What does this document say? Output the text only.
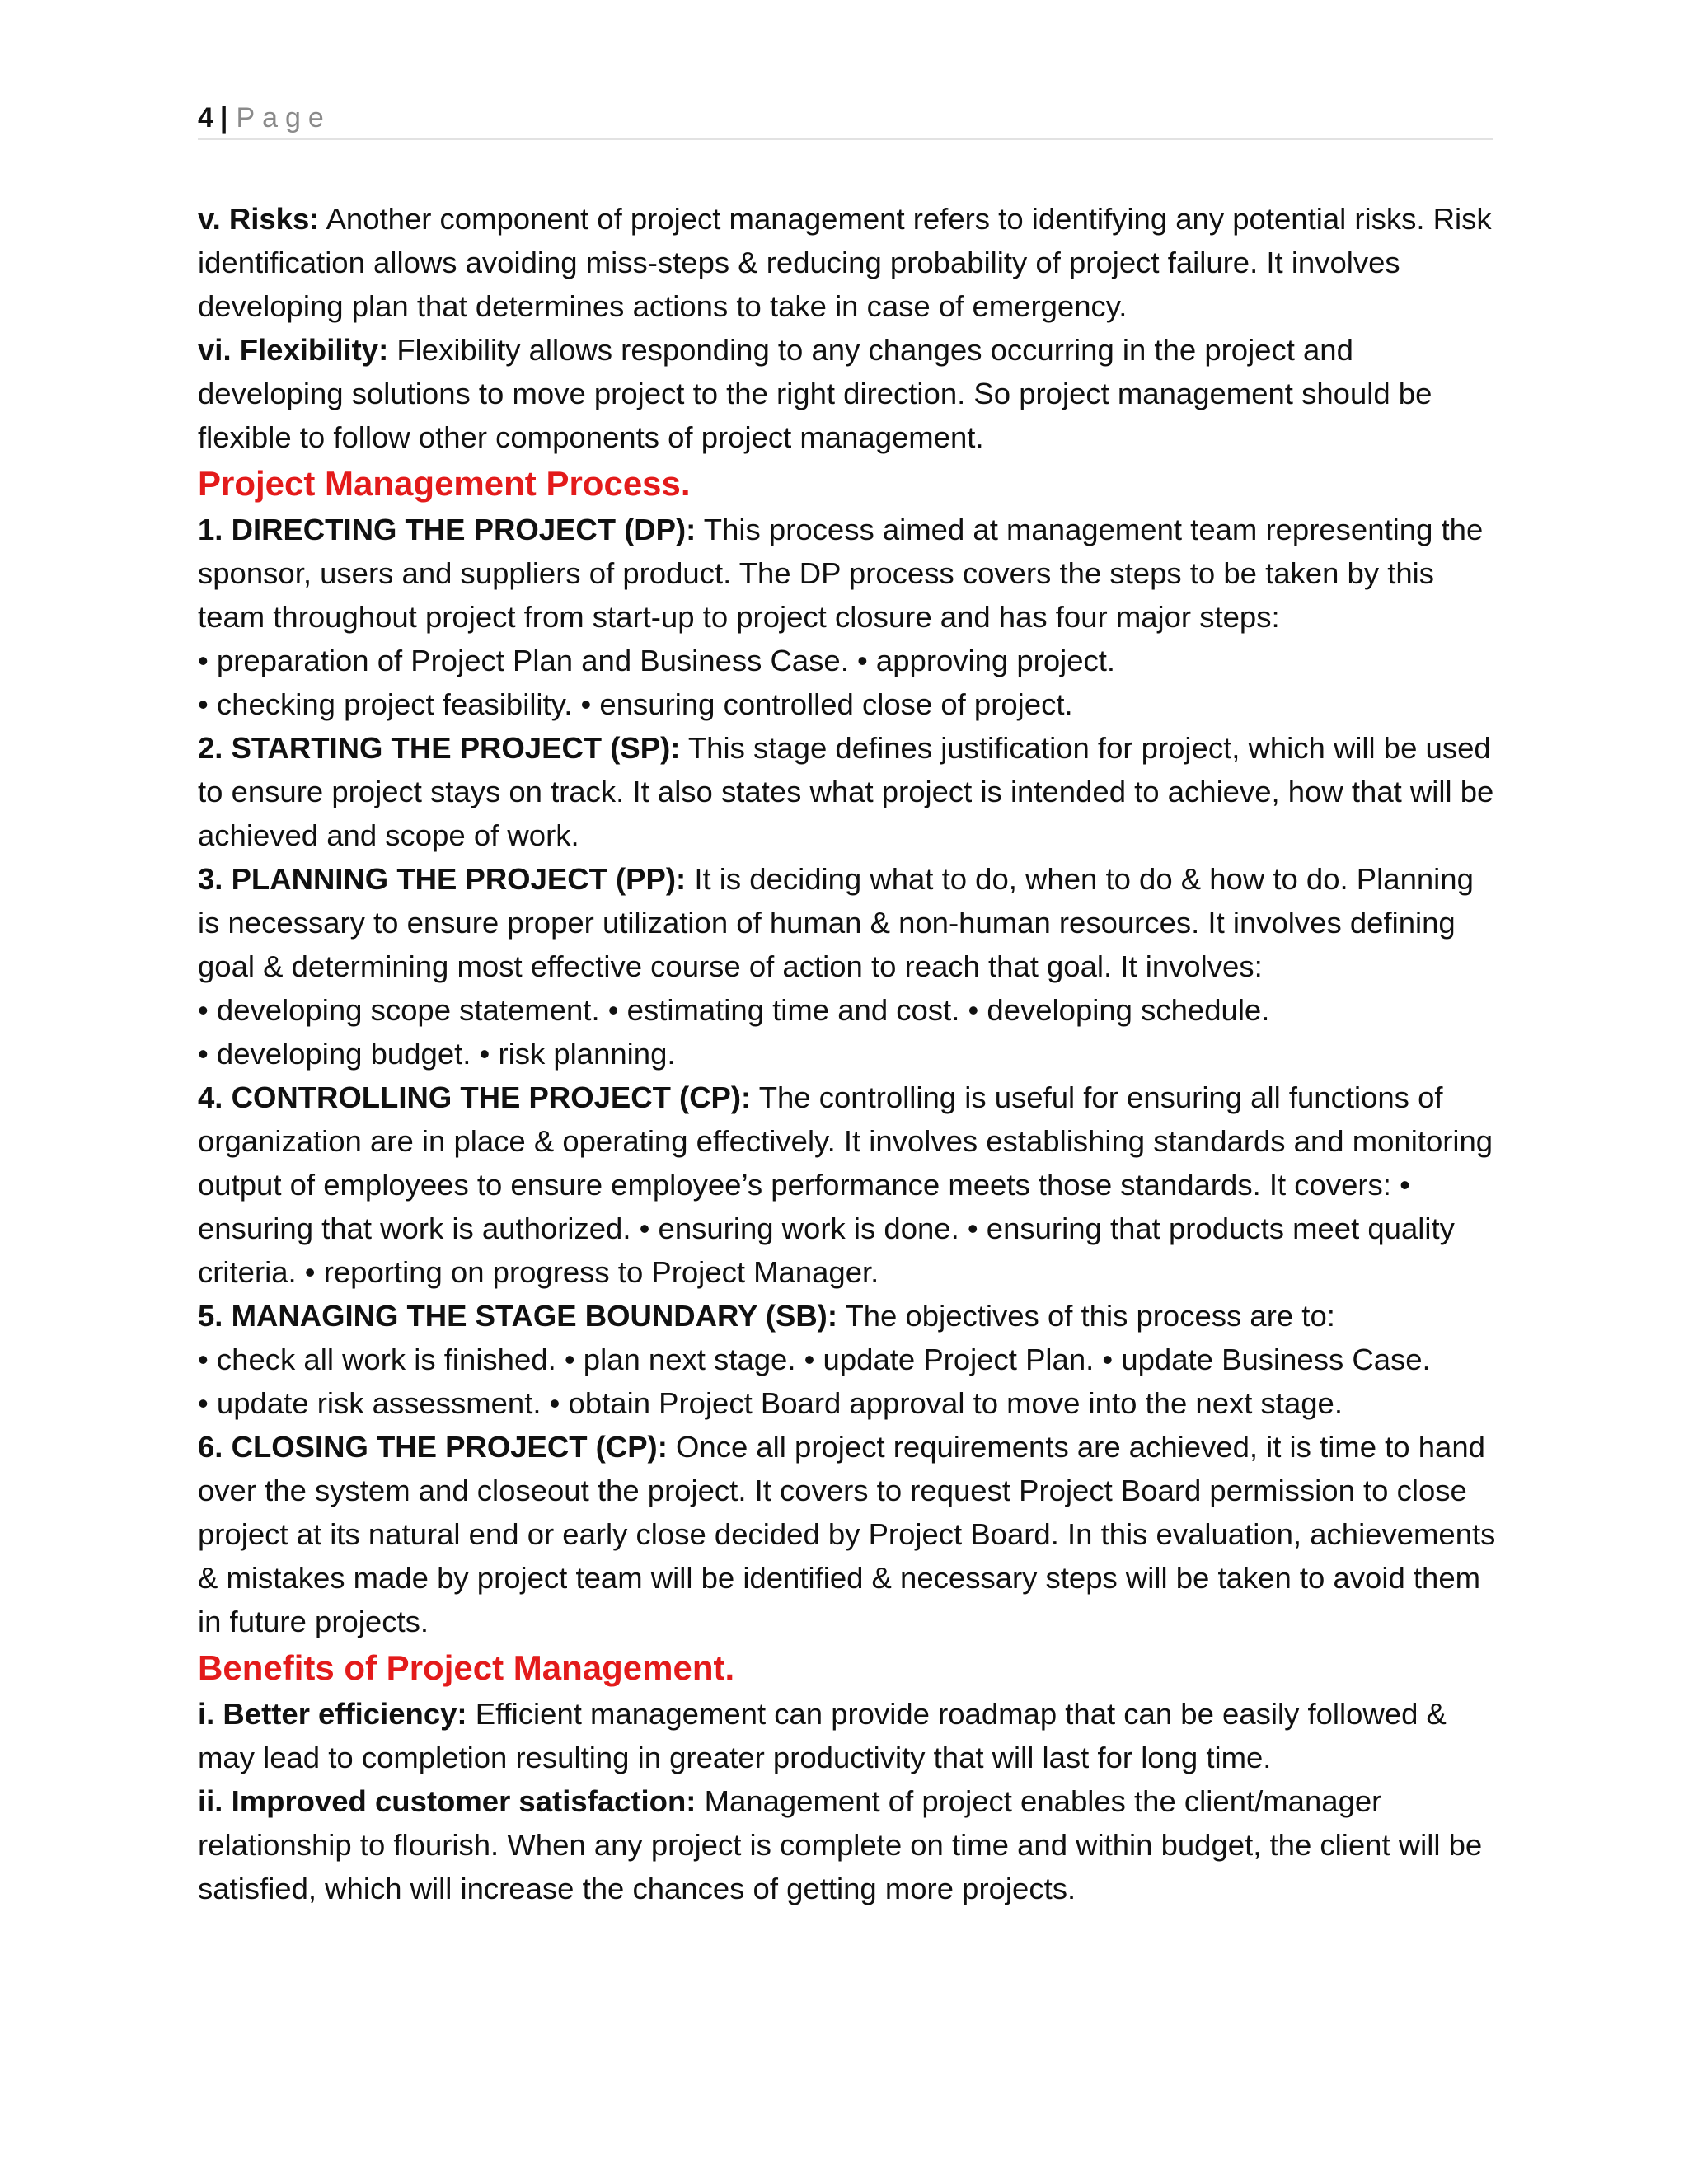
4 | Page

v. Risks: Another component of project management refers to identifying any potential risks. Risk identification allows avoiding miss-steps & reducing probability of project failure. It involves developing plan that determines actions to take in case of emergency.

vi. Flexibility: Flexibility allows responding to any changes occurring in the project and developing solutions to move project to the right direction. So project management should be flexible to follow other components of project management.

Project Management Process.

1. DIRECTING THE PROJECT (DP): This process aimed at management team representing the sponsor, users and suppliers of product. The DP process covers the steps to be taken by this team throughout project from start-up to project closure and has four major steps:

• preparation of Project Plan and Business Case. • approving project.

• checking project feasibility. • ensuring controlled close of project.

2. STARTING THE PROJECT (SP): This stage defines justification for project, which will be used to ensure project stays on track. It also states what project is intended to achieve, how that will be achieved and scope of work.

3. PLANNING THE PROJECT (PP): It is deciding what to do, when to do & how to do. Planning is necessary to ensure proper utilization of human & non-human resources. It involves defining goal & determining most effective course of action to reach that goal. It involves:

• developing scope statement. • estimating time and cost. • developing schedule.

• developing budget. • risk planning.

4. CONTROLLING THE PROJECT (CP): The controlling is useful for ensuring all functions of organization are in place & operating effectively. It involves establishing standards and monitoring output of employees to ensure employee’s performance meets those standards. It covers: • ensuring that work is authorized. • ensuring work is done. • ensuring that products meet quality criteria. • reporting on progress to Project Manager.

5. MANAGING THE STAGE BOUNDARY (SB): The objectives of this process are to:

• check all work is finished. • plan next stage. • update Project Plan. • update Business Case.

• update risk assessment. • obtain Project Board approval to move into the next stage.

6. CLOSING THE PROJECT (CP): Once all project requirements are achieved, it is time to hand over the system and closeout the project. It covers to request Project Board permission to close project at its natural end or early close decided by Project Board. In this evaluation, achievements & mistakes made by project team will be identified & necessary steps will be taken to avoid them in future projects.

Benefits of Project Management.

i. Better efficiency: Efficient management can provide roadmap that can be easily followed & may lead to completion resulting in greater productivity that will last for long time.

ii. Improved customer satisfaction: Management of project enables the client/manager relationship to flourish. When any project is complete on time and within budget, the client will be satisfied, which will increase the chances of getting more projects.
